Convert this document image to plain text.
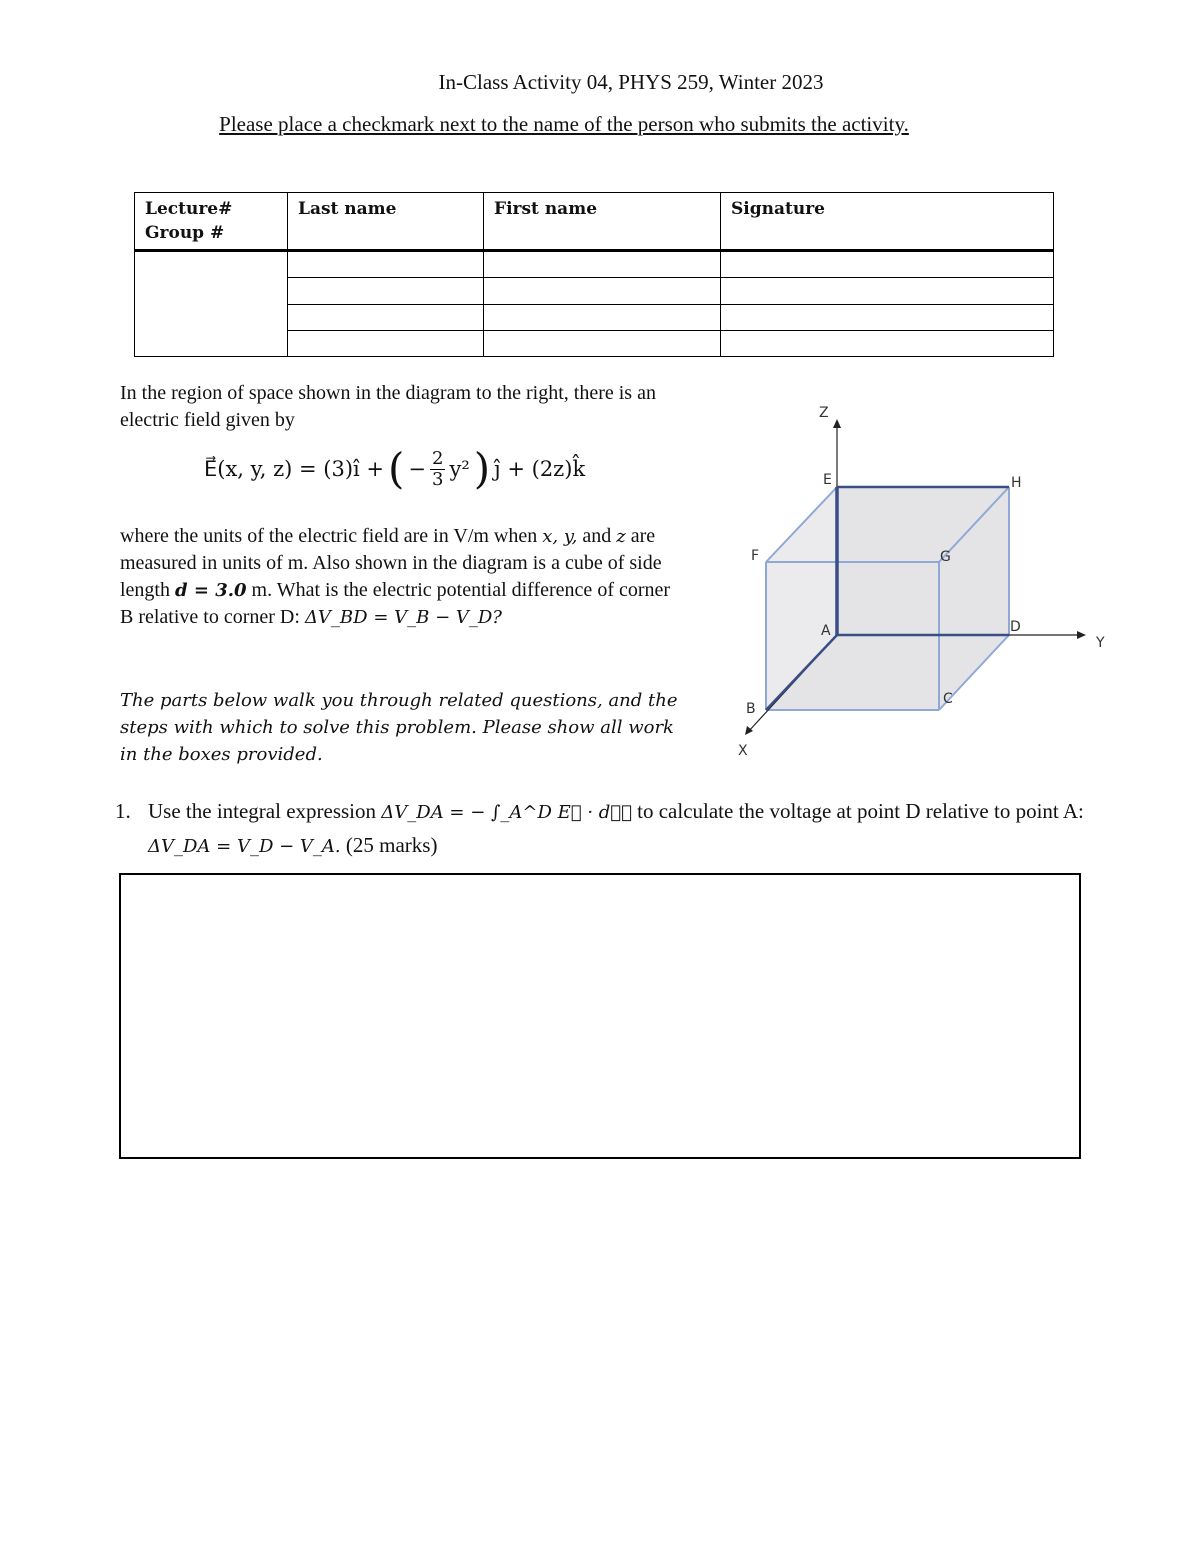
In-Class Activity 04, PHYS 259, Winter 2023
Please place a checkmark next to the name of the person who submits the activity.
Lecture#
Group #	Last name	First name	Signature

In the region of space shown in the diagram to the right, there is an electric field given by
E⃗(x, y, z) = (3)î + ( − $\frac{2}{3} y^2$ ) ĵ + (2z)k̂
where the units of the electric field are in V/m when x, y, and z are measured in units of m. Also shown in the diagram is a cube of side length d = 3.0 m. What is the electric potential difference of corner B relative to corner D: ΔV_BD = V_B − V_D?
The parts below walk you through related questions, and the steps with which to solve this problem. Please show all work in the boxes provided.
Z
Y
X
E	H
F	G
A	D
B
C
1. Use the integral expression ΔV_DA = − ∫_A^D E⃗ · dℓ⃗ to calculate the voltage at point D relative to point A: ΔV_DA = V_D − V_A. (25 marks)
